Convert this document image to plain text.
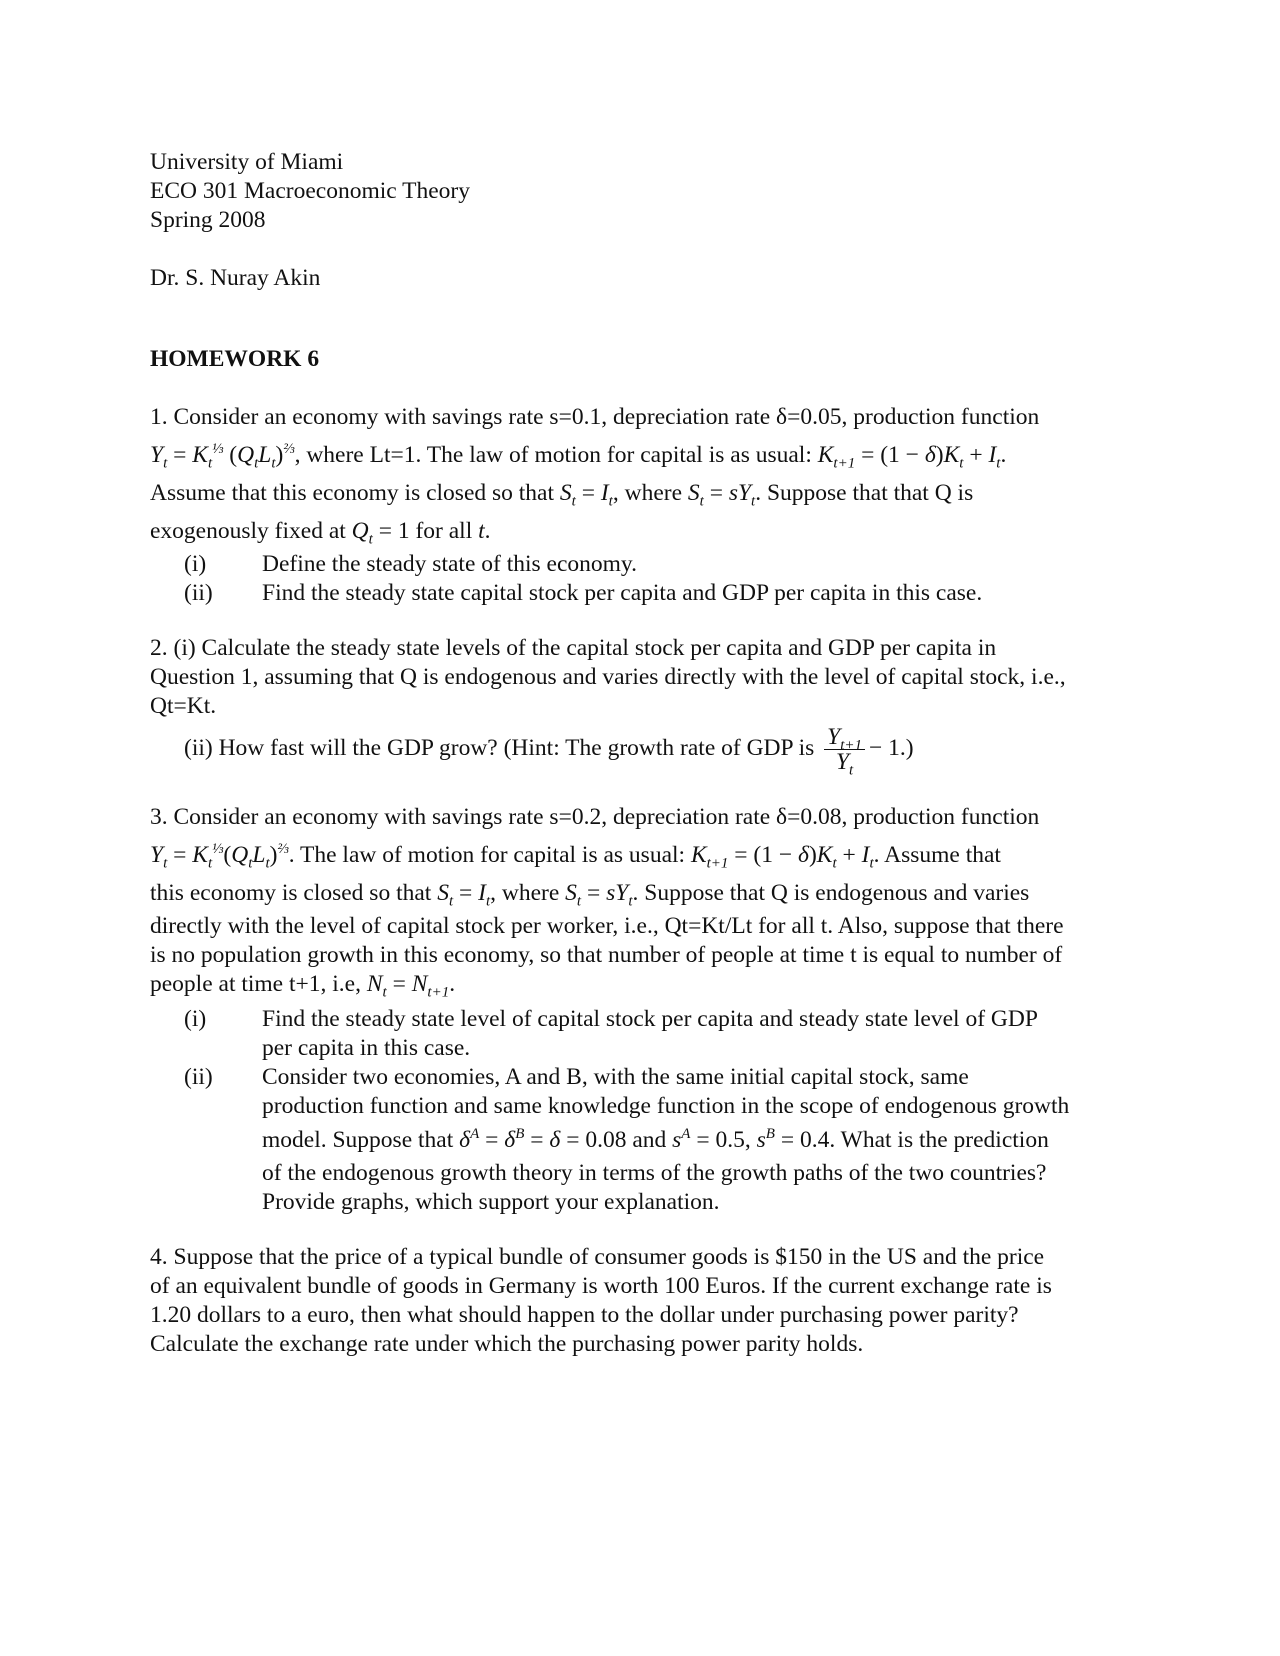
University of Miami
ECO 301 Macroeconomic Theory
Spring 2008
Dr. S. Nuray Akin

HOMEWORK 6

1. Consider an economy with savings rate s=0.1, depreciation rate δ=0.05, production function
$Y_t = K_t^{\frac{1}{3}}$ $(Q_tL_t)^{\frac{2}{3}}$, where Lt=1. The law of motion for capital is as usual: $K_{t+1} = (1 - \delta)K_t + I_t$.
Assume that this economy is closed so that $S_t = I_t$, where $S_t = sY_t$. Suppose that that Q is
exogenously fixed at $Q_t = 1$ for all t.
(i)	Define the steady state of this economy.
(ii)	Find the steady state capital stock per capita and GDP per capita in this case.
2. (i) Calculate the steady state levels of the capital stock per capita and GDP per capita in
Question 1, assuming that Q is endogenous and varies directly with the level of capital stock, i.e.,
Qt=Kt.
(ii) How fast will the GDP grow? (Hint: The growth rate of GDP is $\frac{Y_{t+1}}{Y_t} - 1$.)
3. Consider an economy with savings rate s=0.2, depreciation rate δ=0.08, production function
$Y_t = K_t^{\frac{1}{3}}(Q_tL_t)^{\frac{2}{3}}$. The law of motion for capital is as usual: $K_{t+1} = (1 - \delta)K_t + I_t$. Assume that
this economy is closed so that $S_t = I_t$, where $S_t = sY_t$. Suppose that Q is endogenous and varies
directly with the level of capital stock per worker, i.e., Qt=Kt/Lt for all t. Also, suppose that there
is no population growth in this economy, so that number of people at time t is equal to number of
people at time t+1, i.e, $N_t = N_{t+1}$.
(i)	Find the steady state level of capital stock per capita and steady state level of GDP
per capita in this case.
(ii)	Consider two economies, A and B, with the same initial capital stock, same
production function and same knowledge function in the scope of endogenous growth
model. Suppose that $\delta^A = \delta^B = \delta = 0.08$ and $s^A = 0.5$, $s^B = 0.4$. What is the prediction
of the endogenous growth theory in terms of the growth paths of the two countries?
Provide graphs, which support your explanation.
4. Suppose that the price of a typical bundle of consumer goods is $150 in the US and the price
of an equivalent bundle of goods in Germany is worth 100 Euros. If the current exchange rate is
1.20 dollars to a euro, then what should happen to the dollar under purchasing power parity?
Calculate the exchange rate under which the purchasing power parity holds.
